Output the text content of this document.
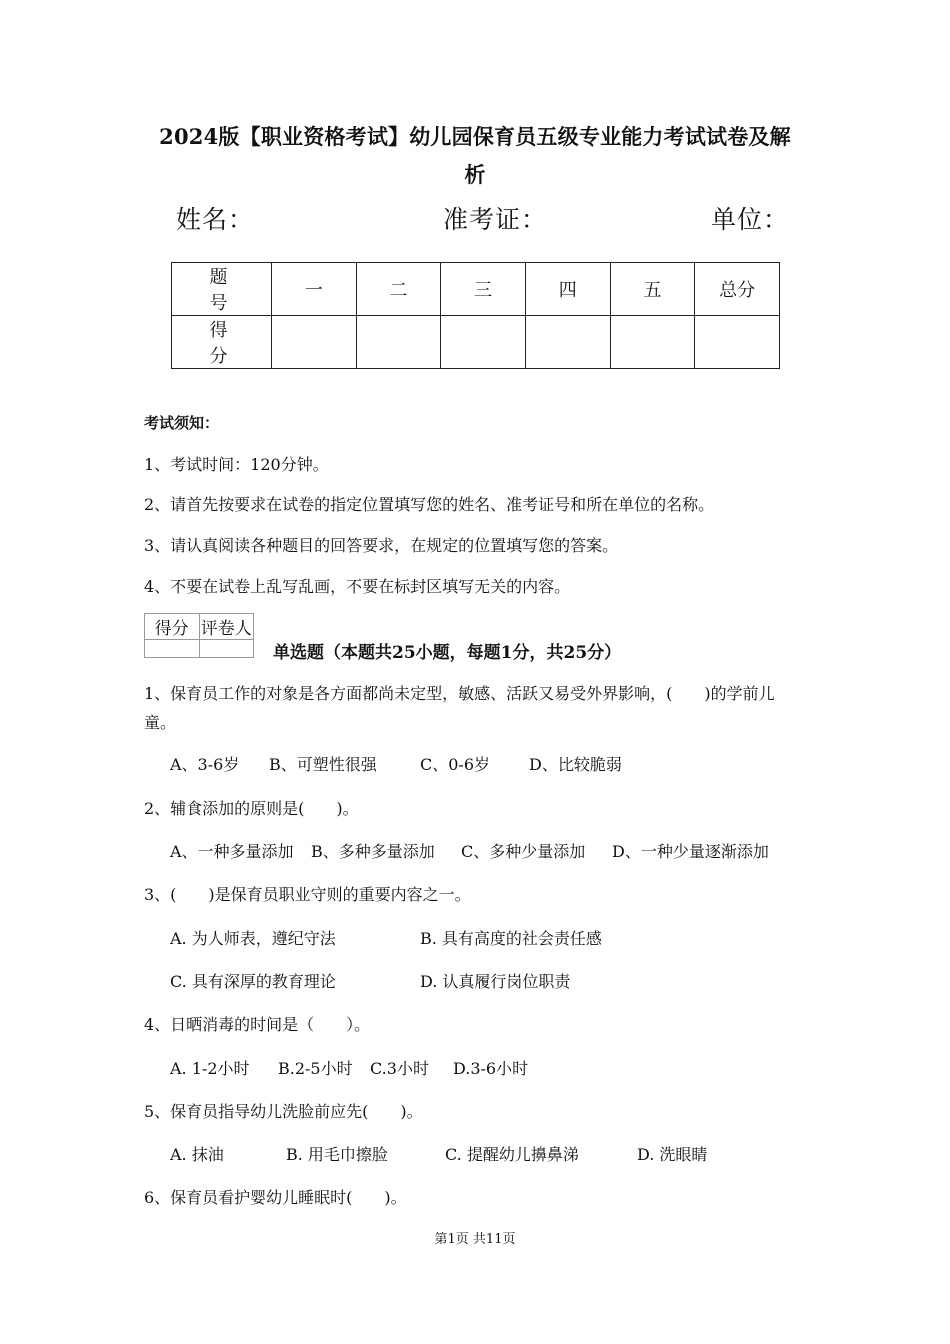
2024版【职业资格考试】幼儿园保育员五级专业能力考试试卷及解
析
姓名：	准考证：	单位：
题 号	一	二	三	四	五	总分
得 分						
考试须知：
1、考试时间：120分钟。
2、请首先按要求在试卷的指定位置填写您的姓名、准考证号和所在单位的名称。
3、请认真阅读各种题目的回答要求，在规定的位置填写您的答案。
4、不要在试卷上乱写乱画，不要在标封区填写无关的内容。
得分	评卷人

单选题（本题共25小题，每题1分，共25分）
1、保育员工作的对象是各方面都尚未定型，敏感、活跃又易受外界影响，(　　)的学前儿
童。
A、3-6岁 B、可塑性很强	C、0-6岁 D、比较脆弱
2、辅食添加的原则是(　　)。
A、一种多量添加 B、多种多量添加 C、多种少量添加 D、一种少量逐渐添加
3、(　　)是保育员职业守则的重要内容之一。
A. 为人师表，遵纪守法	B. 具有高度的社会责任感
C. 具有深厚的教育理论	D. 认真履行岗位职责
4、日晒消毒的时间是（　　）。
A. 1-2小时 B.2-5小时 C.3小时 D.3-6小时
5、保育员指导幼儿洗脸前应先(　　)。
A. 抹油	B. 用毛巾擦脸	C. 提醒幼儿擤鼻涕	D. 洗眼睛
6、保育员看护婴幼儿睡眠时(　　)。
第1页 共11页
